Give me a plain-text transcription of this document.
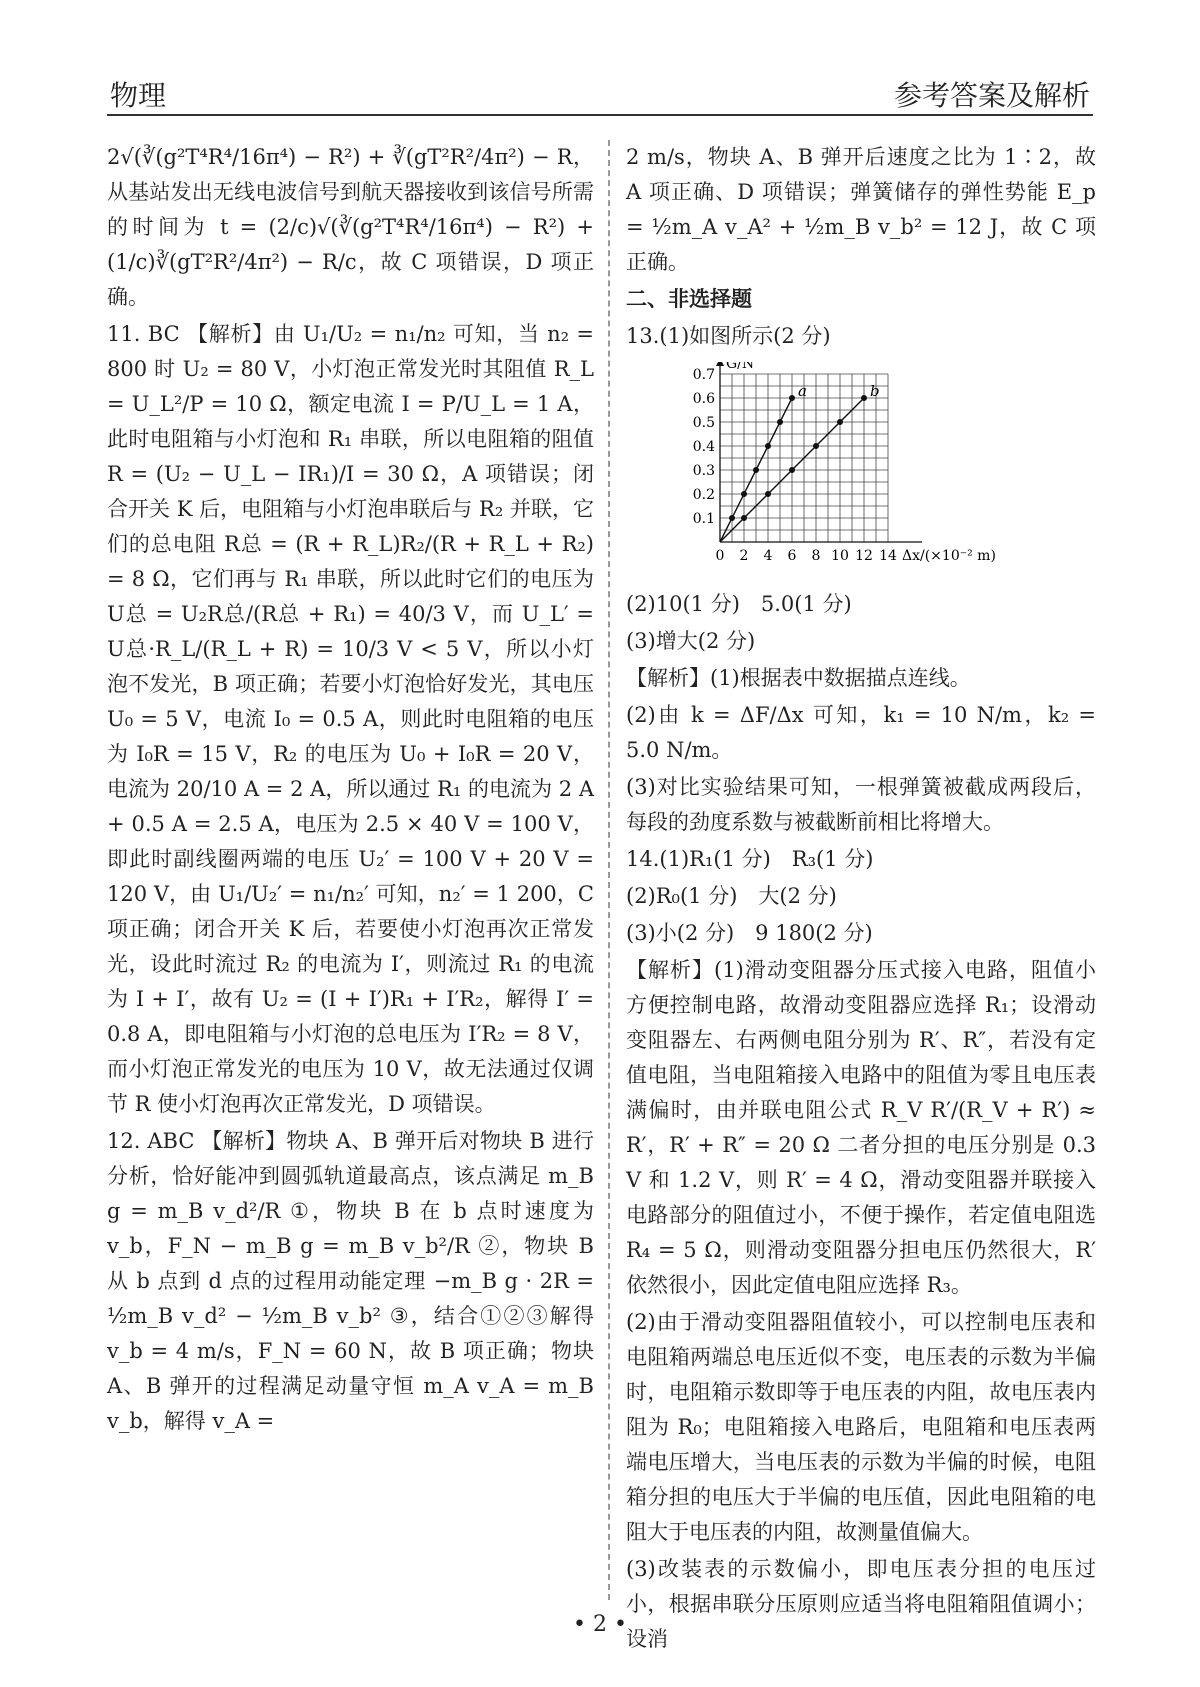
物理	参考答案及解析

2√(∛(g²T⁴R⁴/16π⁴) − R²) + ∛(gT²R²/4π²) − R，从基站发出无线电波信号到航天器接收到该信号所需的时间为 t = (2/c)√(∛(g²T⁴R⁴/16π⁴) − R²) + (1/c)∛(gT²R²/4π²) − R/c，故 C 项错误，D 项正确。

11. BC 【解析】由 U₁/U₂ = n₁/n₂ 可知，当 n₂ = 800 时 U₂ = 80 V，小灯泡正常发光时其阻值 R_L = U_L²/P = 10 Ω，额定电流 I = P/U_L = 1 A，此时电阻箱与小灯泡和 R₁ 串联，所以电阻箱的阻值 R = (U₂ − U_L − IR₁)/I = 30 Ω，A 项错误；闭合开关 K 后，电阻箱与小灯泡串联后与 R₂ 并联，它们的总电阻 R总 = (R + R_L)R₂/(R + R_L + R₂) = 8 Ω，它们再与 R₁ 串联，所以此时它们的电压为 U总 = U₂R总/(R总 + R₁) = 40/3 V，而 U_L′ = U总·R_L/(R_L + R) = 10/3 V < 5 V，所以小灯泡不发光，B 项正确；若要小灯泡恰好发光，其电压 U₀ = 5 V，电流 I₀ = 0.5 A，则此时电阻箱的电压为 I₀R = 15 V，R₂ 的电压为 U₀ + I₀R = 20 V，电流为 20/10 A = 2 A，所以通过 R₁ 的电流为 2 A + 0.5 A = 2.5 A，电压为 2.5 × 40 V = 100 V，即此时副线圈两端的电压 U₂′ = 100 V + 20 V = 120 V，由 U₁/U₂′ = n₁/n₂′ 可知，n₂′ = 1 200，C 项正确；闭合开关 K 后，若要使小灯泡再次正常发光，设此时流过 R₂ 的电流为 I′，则流过 R₁ 的电流为 I + I′，故有 U₂ = (I + I′)R₁ + I′R₂，解得 I′ = 0.8 A，即电阻箱与小灯泡的总电压为 I′R₂ = 8 V，而小灯泡正常发光的电压为 10 V，故无法通过仅调节 R 使小灯泡再次正常发光，D 项错误。

12. ABC 【解析】物块 A、B 弹开后对物块 B 进行分析，恰好能冲到圆弧轨道最高点，该点满足 m_B g = m_B v_d²/R ①，物块 B 在 b 点时速度为 v_b，F_N − m_B g = m_B v_b²/R ②，物块 B 从 b 点到 d 点的过程用动能定理 −m_B g · 2R = ½m_B v_d² − ½m_B v_b² ③，结合①②③解得 v_b = 4 m/s，F_N = 60 N，故 B 项正确；物块 A、B 弹开的过程满足动量守恒 m_A v_A = m_B v_b，解得 v_A =

2 m/s，物块 A、B 弹开后速度之比为 1∶2，故 A 项正确、D 项错误；弹簧储存的弹性势能 E_p = ½m_A v_A² + ½m_B v_b² = 12 J，故 C 项正确。

二、非选择题

13.(1)如图所示(2 分)

0 2 4 6 8 10 12 14
0.1
0.2
0.3
0.4
0.5
0.6
0.7
G/N
Δx/(×10⁻² m)
a	b

(2)10(1 分)　5.0(1 分)

(3)增大(2 分)

【解析】(1)根据表中数据描点连线。

(2)由 k = ΔF/Δx 可知，k₁ = 10 N/m，k₂ = 5.0 N/m。

(3)对比实验结果可知，一根弹簧被截成两段后，每段的劲度系数与被截断前相比将增大。

14.(1)R₁(1 分)　R₃(1 分)

(2)R₀(1 分)　大(2 分)

(3)小(2 分)　9 180(2 分)

【解析】(1)滑动变阻器分压式接入电路，阻值小方便控制电路，故滑动变阻器应选择 R₁；设滑动变阻器左、右两侧电阻分别为 R′、R″，若没有定值电阻，当电阻箱接入电路中的阻值为零且电压表满偏时，由并联电阻公式 R_V R′/(R_V + R′) ≈ R′，R′ + R″ = 20 Ω 二者分担的电压分别是 0.3 V 和 1.2 V，则 R′ = 4 Ω，滑动变阻器并联接入电路部分的阻值过小，不便于操作，若定值电阻选 R₄ = 5 Ω，则滑动变阻器分担电压仍然很大，R′依然很小，因此定值电阻应选择 R₃。

(2)由于滑动变阻器阻值较小，可以控制电压表和电阻箱两端总电压近似不变，电压表的示数为半偏时，电阻箱示数即等于电压表的内阻，故电压表内阻为 R₀；电阻箱接入电路后，电阻箱和电压表两端电压增大，当电压表的示数为半偏的时候，电阻箱分担的电压大于半偏的电压值，因此电阻箱的电阻大于电压表的内阻，故测量值偏大。

(3)改装表的示数偏小，即电压表分担的电压过小，根据串联分压原则应适当将电阻箱阻值调小；设消

• 2 •
